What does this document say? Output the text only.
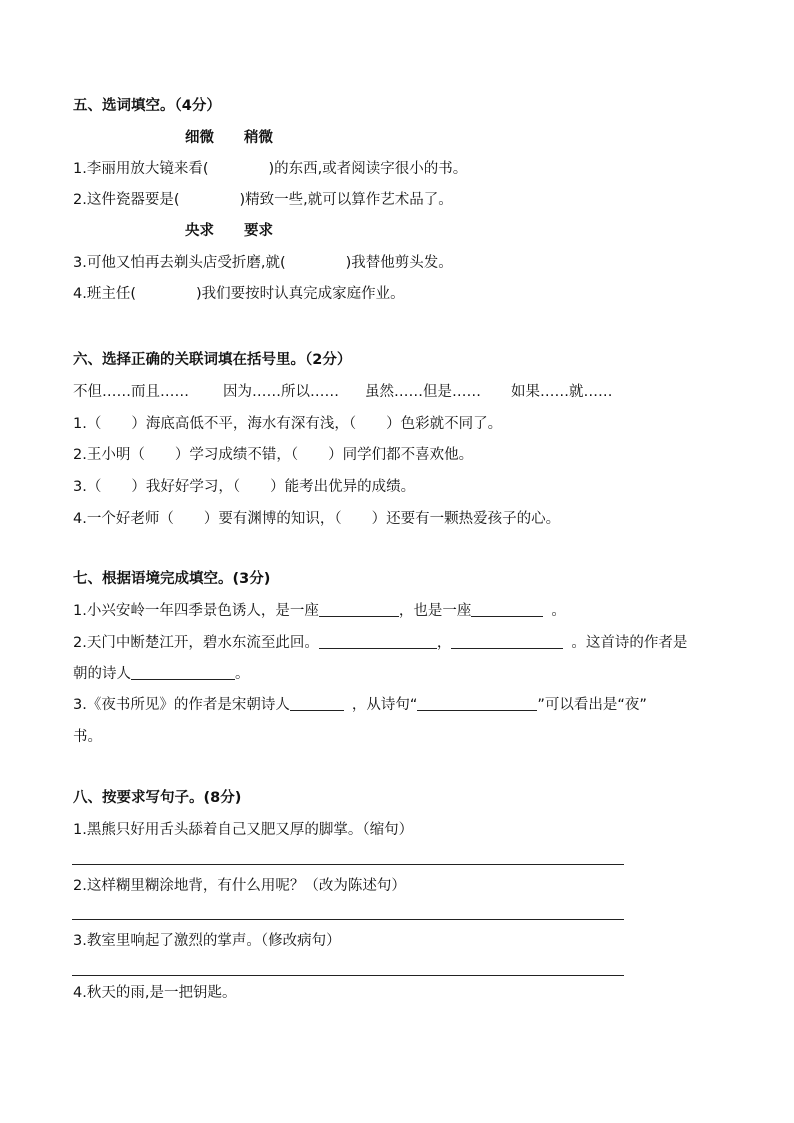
五、选词填空。（4分）
细微 稍微
1.李丽用放大镜来看(	)的东西,或者阅读字很小的书。
2.这件瓷器要是(	)精致一些,就可以算作艺术品了。
央求 要求
3.可他又怕再去剃头店受折磨,就(	)我替他剪头发。
4.班主任(	)我们要按时认真完成家庭作业。
六、选择正确的关联词填在括号里。（2分）
不但……而且…… 因为……所以…… 虽然……但是…… 如果……就……
1.（ ）海底高低不平，海水有深有浅，（ ）色彩就不同了。
2.王小明（ ）学习成绩不错，（ ）同学们都不喜欢他。
3.（ ）我好好学习，（ ）能考出优异的成绩。
4.一个好老师（ ）要有渊博的知识，（ ）还要有一颗热爱孩子的心。
七、根据语境完成填空。(3分)
1.小兴安岭一年四季景色诱人，是一座	，也是一座	。
2.天门中断楚江开，碧水东流至此回。	，	。这首诗的作者是
朝的诗人	。
3.《夜书所见》的作者是宋朝诗人	，从诗句“	”可以看出是“夜”
书。
八、按要求写句子。(8分)
1.黑熊只好用舌头舔着自己又肥又厚的脚掌。（缩句）
2.这样糊里糊涂地背，有什么用呢？（改为陈述句）
3.教室里响起了激烈的掌声。（修改病句）
4.秋天的雨,是一把钥匙。
